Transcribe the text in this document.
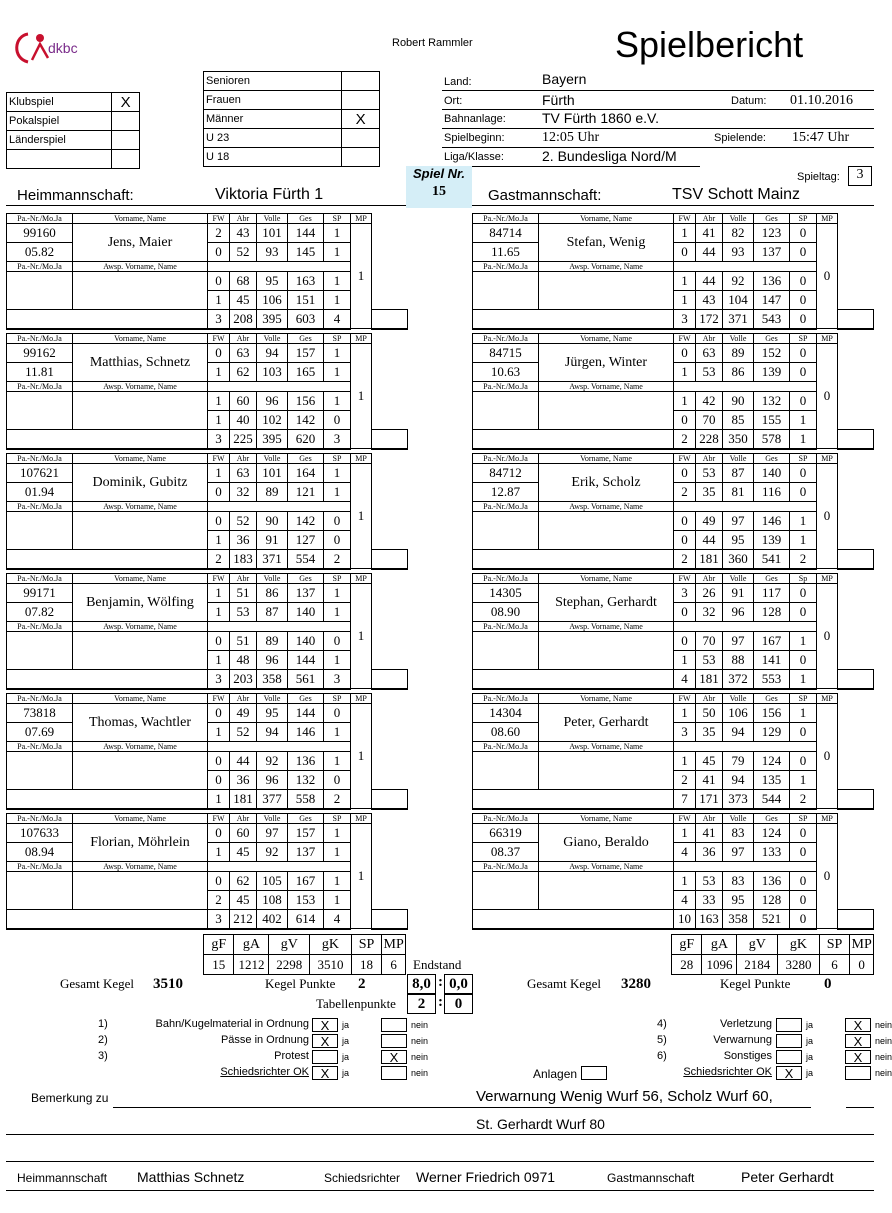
dkbc	Robert Rammler	Spielbericht
Klubspiel	X
Pokalspiel	
Länderspiel	

Senioren	
Frauen	
Männer	X
U 23	
U 18	
Land:	Bayern
Ort:	Fürth	Datum: 01.10.2016
Bahnanlage:	TV Fürth 1860 e.V.
Spielbeginn:	12:05 Uhr	Spielende: 15:47 Uhr
Liga/Klasse:	2. Bundesliga Nord/M
Spieltag:	3
Spiel Nr.
15
Heimmannschaft:	Viktoria Fürth 1	Gastmannschaft:	TSV Schott Mainz
Pa.-Nr./Mo.Ja	Vorname, Name	FW	Abr	Volle	Ges	SP	MP	
99160	Jens, Maier	2	43	101	144	1	1	
05.82		0	52	93	145	1		
Pa.-Nr./Mo.Ja	Awsp. Vorname, Name							
		0	68	95	163	1		
		1	45	106	151	1		
		3	208	395	603	4		
Pa.-Nr./Mo.Ja	Vorname, Name	FW	Abr	Volle	Ges	SP	MP	
99162	Matthias, Schnetz	0	63	94	157	1	1	
11.81		1	62	103	165	1		
Pa.-Nr./Mo.Ja	Awsp. Vorname, Name							
		1	60	96	156	1		
		1	40	102	142	0		
		3	225	395	620	3		
Pa.-Nr./Mo.Ja	Vorname, Name	FW	Abr	Volle	Ges	SP	MP	
107621	Dominik, Gubitz	1	63	101	164	1	1	
01.94		0	32	89	121	1		
Pa.-Nr./Mo.Ja	Awsp. Vorname, Name							
		0	52	90	142	0		
		1	36	91	127	0		
		2	183	371	554	2		
Pa.-Nr./Mo.Ja	Vorname, Name	FW	Abr	Volle	Ges	SP	MP	
99171	Benjamin, Wölfing	1	51	86	137	1	1	
07.82		1	53	87	140	1		
Pa.-Nr./Mo.Ja	Awsp. Vorname, Name							
		0	51	89	140	0		
		1	48	96	144	1		
		3	203	358	561	3		
Pa.-Nr./Mo.Ja	Vorname, Name	FW	Abr	Volle	Ges	SP	MP	
73818	Thomas, Wachtler	0	49	95	144	0	1	
07.69		1	52	94	146	1		
Pa.-Nr./Mo.Ja	Awsp. Vorname, Name							
		0	44	92	136	1		
		0	36	96	132	0		
		1	181	377	558	2		
Pa.-Nr./Mo.Ja	Vorname, Name	FW	Abr	Volle	Ges	SP	MP	
107633	Florian, Möhrlein	0	60	97	157	1	1	
08.94		1	45	92	137	1		
Pa.-Nr./Mo.Ja	Awsp. Vorname, Name							
		0	62	105	167	1		
		2	45	108	153	1		
		3	212	402	614	4		
Pa.-Nr./Mo.Ja	Vorname, Name	FW	Abr	Volle	Ges	SP	MP	
84714	Stefan, Wenig	1	41	82	123	0	0	
11.65		0	44	93	137	0		
Pa.-Nr./Mo.Ja	Awsp. Vorname, Name							
		1	44	92	136	0		
		1	43	104	147	0		
		3	172	371	543	0		
Pa.-Nr./Mo.Ja	Vorname, Name	FW	Abr	Volle	Ges	SP	MP	
84715	Jürgen, Winter	0	63	89	152	0	0	
10.63		1	53	86	139	0		
Pa.-Nr./Mo.Ja	Awsp. Vorname, Name							
		1	42	90	132	0		
		0	70	85	155	1		
		2	228	350	578	1		
Pa.-Nr./Mo.Ja	Vorname, Name	FW	Abr	Volle	Ges	SP	MP	
84712	Erik, Scholz	0	53	87	140	0	0	
12.87		2	35	81	116	0		
Pa.-Nr./Mo.Ja	Awsp. Vorname, Name							
		0	49	97	146	1		
		0	44	95	139	1		
		2	181	360	541	2		
Pa.-Nr./Mo.Ja	Vorname, Name	FW	Abr	Volle	Ges	Sp	MP	
14305	Stephan, Gerhardt	3	26	91	117	0	0	
08.90		0	32	96	128	0		
Pa.-Nr./Mo.Ja	Awsp. Vorname, Name							
		0	70	97	167	1		
		1	53	88	141	0		
		4	181	372	553	1		
Pa.-Nr./Mo.Ja	Vorname, Name	FW	Abr	Volle	Ges	SP	MP	
14304	Peter, Gerhardt	1	50	106	156	1	0	
08.60		3	35	94	129	0		
Pa.-Nr./Mo.Ja	Awsp. Vorname, Name							
		1	45	79	124	0		
		2	41	94	135	1		
		7	171	373	544	2		
Pa.-Nr./Mo.Ja	Vorname, Name	FW	Abr	Volle	Ges	SP	MP	
66319	Giano, Beraldo	1	41	83	124	0	0	
08.37		4	36	97	133	0		
Pa.-Nr./Mo.Ja	Awsp. Vorname, Name							
		1	53	83	136	0		
		4	33	95	128	0		
		10	163	358	521	0		
gF	gA	gV	gK	SP	MP
15	1212	2298	3510	18	6
gF	gA	gV	gK	SP	MP
28	1096	2184	3280	6	0
Endstand
Gesamt Kegel 3510	Kegel Punkte 2	8,0 : 0,0	Gesamt Kegel 3280	Kegel Punkte 0
Tabellenpunkte	2 : 0
1)	Bahn/Kugelmaterial in Ordnung X	ja	nein
2)	Pässe in Ordnung X	ja	nein
3)	Protest	ja	X	nein
Schiedsrichter OK X	ja	nein
4)	Verletzung	ja	X	nein
5)	Verwarnung	ja	X	nein
6)	Sonstiges	ja	X	nein
Schiedsrichter OK X	ja	nein
Anlagen
Bemerkung zu	Verwarnung Wenig Wurf 56, Scholz Wurf 60,
St. Gerhardt Wurf 80
Heimmannschaft Matthias Schnetz	Schiedsrichter Werner Friedrich 0971	Gastmannschaft	Peter Gerhardt
